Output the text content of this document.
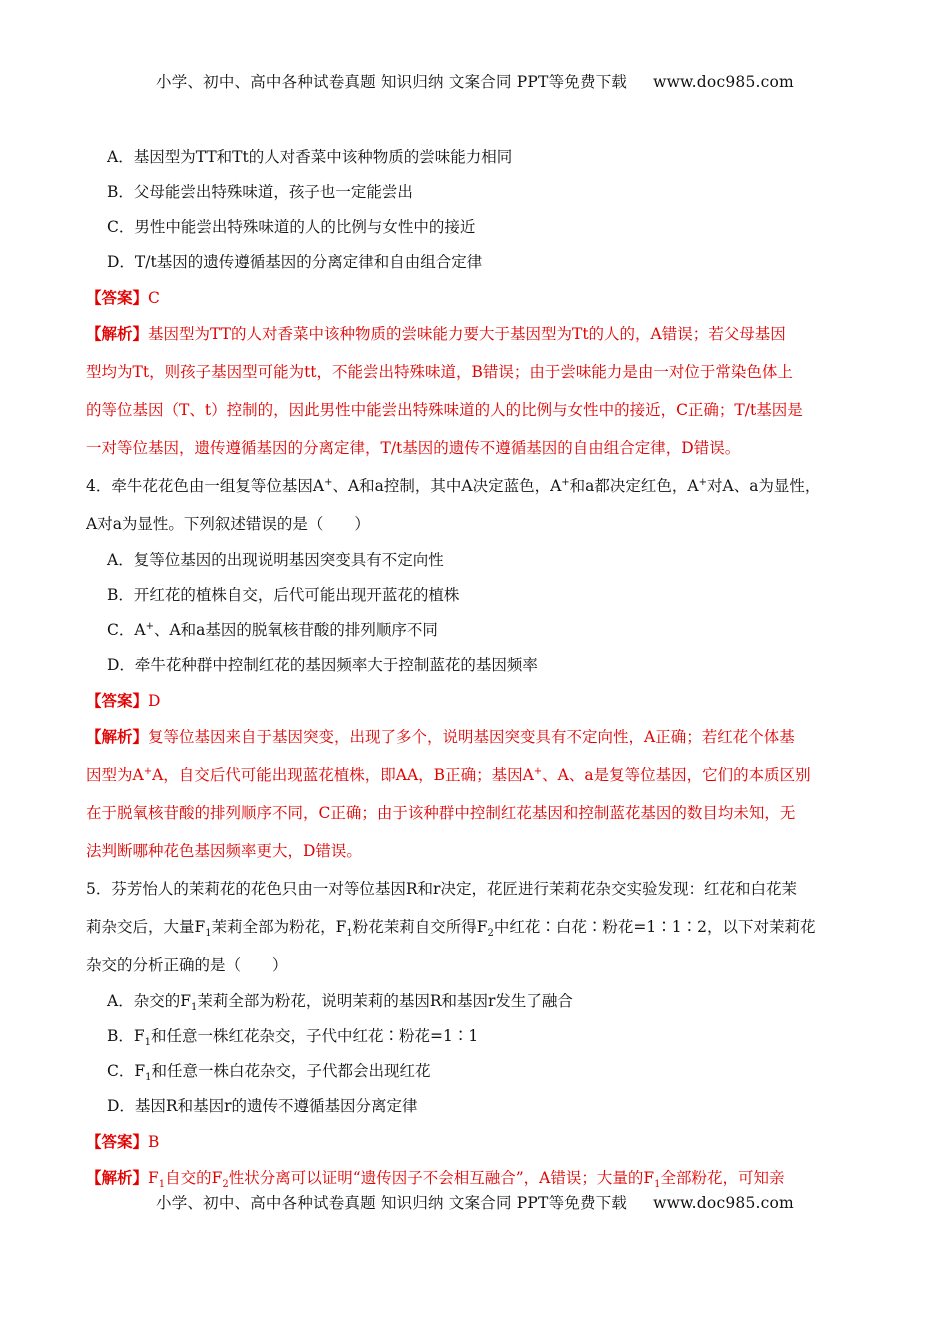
小学、初中、高中各种试卷真题 知识归纳 文案合同 PPT等免费下载 www.doc985.com
A．基因型为TT和Tt的人对香菜中该种物质的尝味能力相同
B．父母能尝出特殊味道，孩子也一定能尝出
C．男性中能尝出特殊味道的人的比例与女性中的接近
D．T/t基因的遗传遵循基因的分离定律和自由组合定律
【答案】C
【解析】基因型为TT的人对香菜中该种物质的尝味能力要大于基因型为Tt的人的，A错误；若父母基因
型均为Tt，则孩子基因型可能为tt，不能尝出特殊味道，B错误；由于尝味能力是由一对位于常染色体上
的等位基因（T、t）控制的，因此男性中能尝出特殊味道的人的比例与女性中的接近，C正确；T/t基因是
一对等位基因，遗传遵循基因的分离定律，T/t基因的遗传不遵循基因的自由组合定律，D错误。
4．牵牛花花色由一组复等位基因A+、A和a控制，其中A决定蓝色，A+和a都决定红色，A+对A、a为显性，
A对a为显性。下列叙述错误的是（　　）
A．复等位基因的出现说明基因突变具有不定向性
B．开红花的植株自交，后代可能出现开蓝花的植株
C．A+、A和a基因的脱氧核苷酸的排列顺序不同
D．牵牛花种群中控制红花的基因频率大于控制蓝花的基因频率
【答案】D
【解析】复等位基因来自于基因突变，出现了多个，说明基因突变具有不定向性，A正确；若红花个体基
因型为A+A，自交后代可能出现蓝花植株，即AA，B正确；基因A+、A、a是复等位基因，它们的本质区别
在于脱氧核苷酸的排列顺序不同，C正确；由于该种群中控制红花基因和控制蓝花基因的数目均未知，无
法判断哪种花色基因频率更大，D错误。
5．芬芳怡人的茉莉花的花色只由一对等位基因R和r决定，花匠进行茉莉花杂交实验发现：红花和白花茉
莉杂交后，大量$F_1$茉莉全部为粉花，$F_1$粉花茉莉自交所得$F_2$中红花∶白花∶粉花=1∶1∶2，以下对茉莉花
杂交的分析正确的是（　　）
A．杂交的$F_1$茉莉全部为粉花，说明茉莉的基因R和基因r发生了融合
B．$F_1$和任意一株红花杂交，子代中红花∶粉花=1∶1
C．$F_1$和任意一株白花杂交，子代都会出现红花
D．基因R和基因r的遗传不遵循基因分离定律
【答案】B
【解析】$F_1$自交的$F_2$性状分离可以证明“遗传因子不会相互融合”，A错误；大量的$F_1$全部粉花，可知亲
小学、初中、高中各种试卷真题 知识归纳 文案合同 PPT等免费下载 www.doc985.com
